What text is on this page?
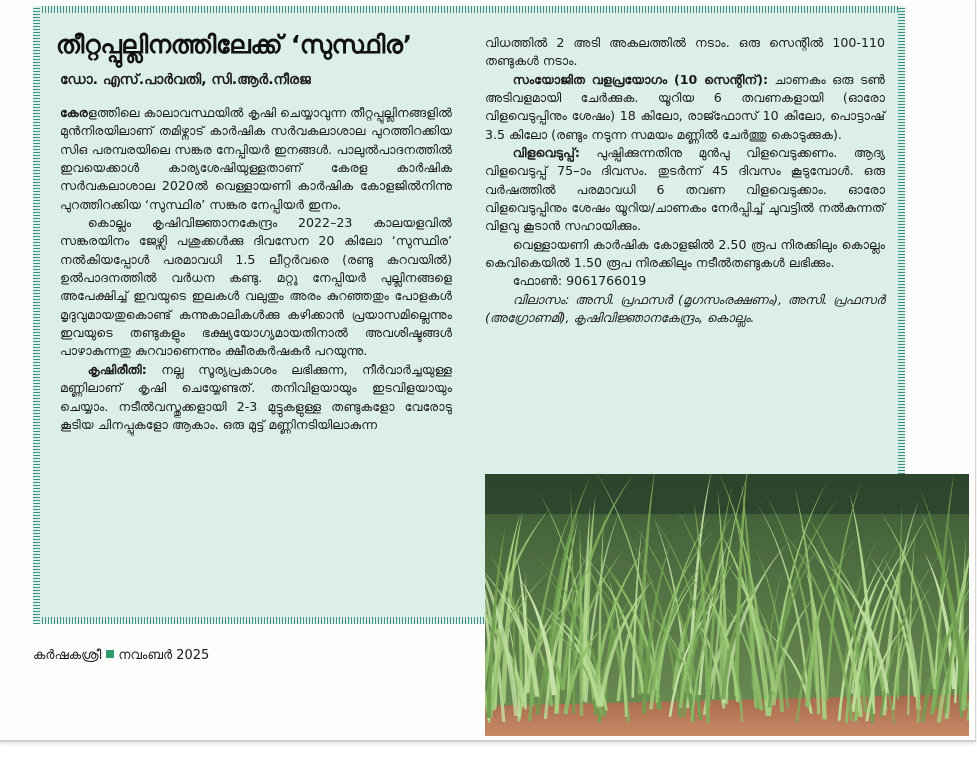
തീറ്റപ്പുല്ലിനത്തിലേക്ക് ‘സുസ്ഥിര’
ഡോ. എസ്.പാർവതി, സി.ആർ.നീരജ

കേരളത്തിലെ കാലാവസ്ഥയിൽ കൃഷി ചെയ്യാവുന്ന തീറ്റപ്പുല്ലിനങ്ങളിൽ മുൻനിരയിലാണ് തമിഴ്നാട് കാർഷിക സർവകലാശാല പുറത്തിറക്കിയ സിഒ പരമ്പരയിലെ സങ്കര നേപ്പിയർ ഇനങ്ങൾ. പാലുൽപാദനത്തിൽ ഇവയെക്കാൾ കാര്യശേഷിയുള്ളതാണ് കേരള കാർഷിക സർവകലാശാല 2020ൽ വെള്ളായണി കാർഷിക കോളജിൽനിന്നു പുറത്തിറക്കിയ ‘സുസ്ഥിര’ സങ്കര നേപ്പിയർ ഇനം.

കൊല്ലം കൃഷിവിജ്ഞാനകേന്ദ്രം 2022–23 കാലയളവിൽ സങ്കരയിനം ജേഴ്സി പശുക്കൾക്കു ദിവസേന 20 കിലോ ‘സുസ്ഥിര’ നൽകിയപ്പോൾ പരമാവധി 1.5 ലീറ്റർവരെ (രണ്ടു കറവയിൽ) ഉൽപാദനത്തിൽ വർധന കണ്ടു. മറ്റു നേപ്പിയർ പുല്ലിനങ്ങളെ അപേക്ഷിച്ച് ഇവയുടെ ഇലകൾ വലുതും അരം കുറഞ്ഞതും പോളകൾ മൃദുവുമായതുകൊണ്ട് കന്നുകാലികൾക്കു കഴിക്കാൻ പ്രയാസമില്ലെന്നും ഇവയുടെ തണ്ടുകളും ഭക്ഷ്യയോഗ്യമായതിനാൽ അവശിഷ്ടങ്ങൾ പാഴാകുന്നതു കുറവാണെന്നും ക്ഷീരകർഷകർ പറയുന്നു.

കൃഷിരീതി: നല്ല സൂര്യപ്രകാശം ലഭിക്കുന്ന, നീർവാർച്ചയുള്ള മണ്ണിലാണ് കൃഷി ചെയ്യേണ്ടത്. തനിവിളയായും ഇടവിളയായും ചെയ്യാം. നടീൽവസ്തുക്കളായി 2-3 മുട്ടുകളുള്ള തണ്ടുകളോ വേരോടു കൂടിയ ചിനപ്പുകളോ ആകാം. ഒരു മുട്ട് മണ്ണിനടിയിലാകുന്ന

വിധത്തിൽ 2 അടി അകലത്തിൽ നടാം. ഒരു സെന്റിൽ 100-110 തണ്ടുകൾ നടാം.

സംയോജിത വളപ്രയോഗം (10 സെന്റിന്): ചാണകം ഒരു ടൺ അടിവളമായി ചേർക്കുക. യൂറിയ 6 തവണകളായി (ഓരോ വിളവെടുപ്പിനും ശേഷം) 18 കിലോ, രാജ്ഫോസ് 10 കിലോ, പൊട്ടാഷ് 3.5 കിലോ (രണ്ടും നടുന്ന സമയം മണ്ണിൽ ചേർത്തു കൊടുക്കുക).

വിളവെടുപ്പ്: പുഷ്പിക്കുന്നതിനു മുൻപു വിളവെടുക്കണം. ആദ്യ വിളവെടുപ്പ് 75–ാം ദിവസം. തുടർന്ന് 45 ദിവസം കൂടുമ്പോൾ. ഒരു വർഷത്തിൽ പരമാവധി 6 തവണ വിളവെടുക്കാം. ഓരോ വിളവെടുപ്പിനും ശേഷം യൂറിയ/ചാണകം നേർപ്പിച്ച് ചുവട്ടിൽ നൽകുന്നത് വിളവു കൂടാൻ സഹായിക്കും.

വെള്ളായണി കാർഷിക കോളജിൽ 2.50 രൂപ നിരക്കിലും കൊല്ലം കെവികെയിൽ 1.50 രൂപ നിരക്കിലും നടീൽതണ്ടുകൾ ലഭിക്കും.

ഫോൺ: 9061766019

വിലാസം: അസി. പ്രഫസർ (മൃഗസംരക്ഷണം), അസി. പ്രഫസർ (അഗ്രോണമി), കൃഷിവിജ്ഞാനകേന്ദ്രം, കൊല്ലം.

കർഷകശ്രീ നവംബർ 2025
